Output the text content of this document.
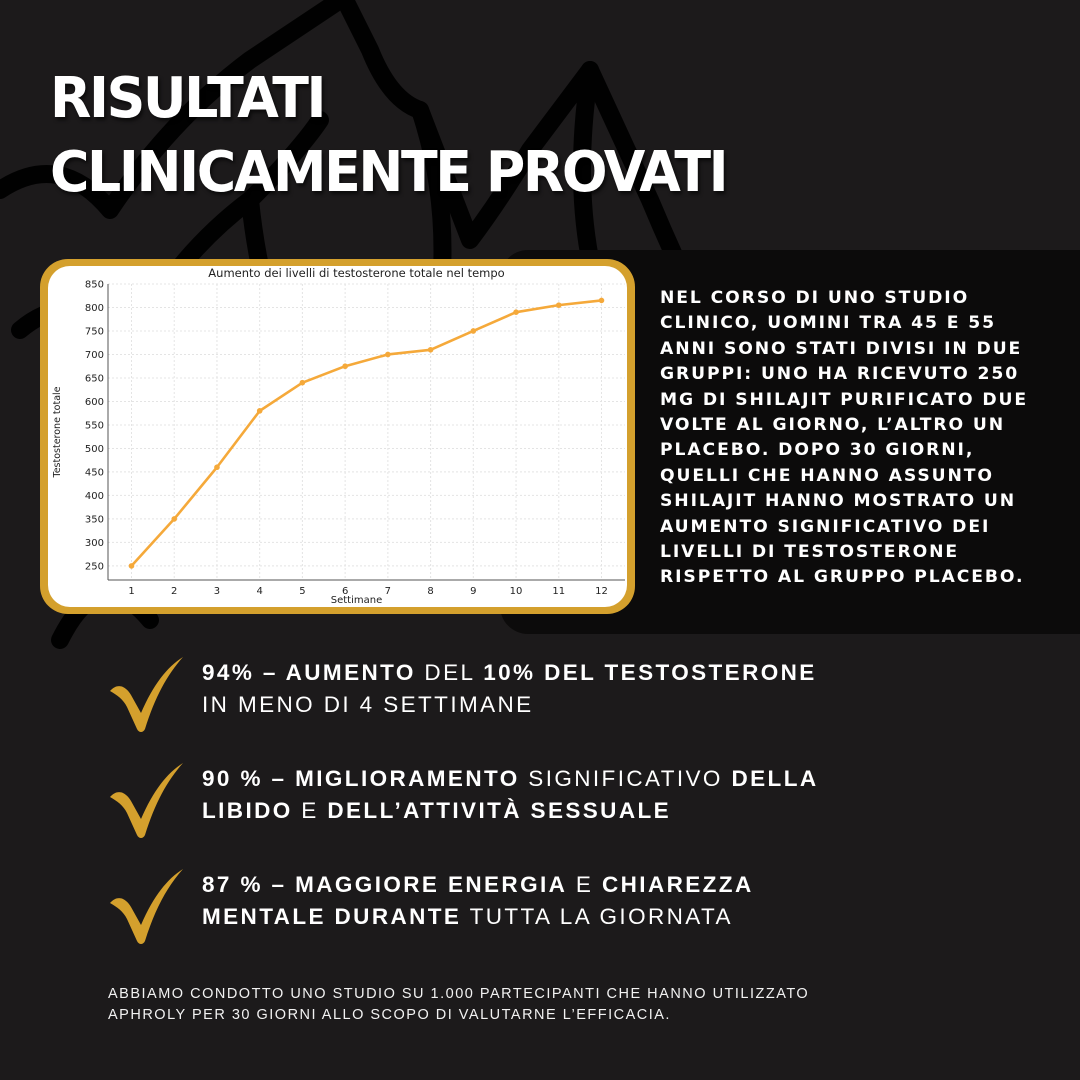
RISULTATI
CLINICAMENTE PROVATI
250
300
350
400
450
500
550
600
650
700
750
800
850
1	2	3	4	5	6	7	8	9	10	11	12
Aumento dei livelli di testosterone totale nel tempo
Settimane
Testosterone totale
NEL CORSO DI UNO STUDIO
CLINICO, UOMINI TRA 45 E 55
ANNI SONO STATI DIVISI IN DUE
GRUPPI: UNO HA RICEVUTO 250
MG DI SHILAJIT PURIFICATO DUE
VOLTE AL GIORNO, L’ALTRO UN
PLACEBO. DOPO 30 GIORNI,
QUELLI CHE HANNO ASSUNTO
SHILAJIT HANNO MOSTRATO UN
AUMENTO SIGNIFICATIVO DEI
LIVELLI DI TESTOSTERONE
RISPETTO AL GRUPPO PLACEBO.
94% – AUMENTO DEL 10% DEL TESTOSTERONE
IN MENO DI 4 SETTIMANE
90 % – MIGLIORAMENTO SIGNIFICATIVO DELLA
LIBIDO E DELL’ATTIVITÀ SESSUALE
87 % – MAGGIORE ENERGIA E CHIAREZZA
MENTALE DURANTE TUTTA LA GIORNATA
ABBIAMO CONDOTTO UNO STUDIO SU 1.000 PARTECIPANTI CHE HANNO UTILIZZATO
APHROLY PER 30 GIORNI ALLO SCOPO DI VALUTARNE L’EFFICACIA.
